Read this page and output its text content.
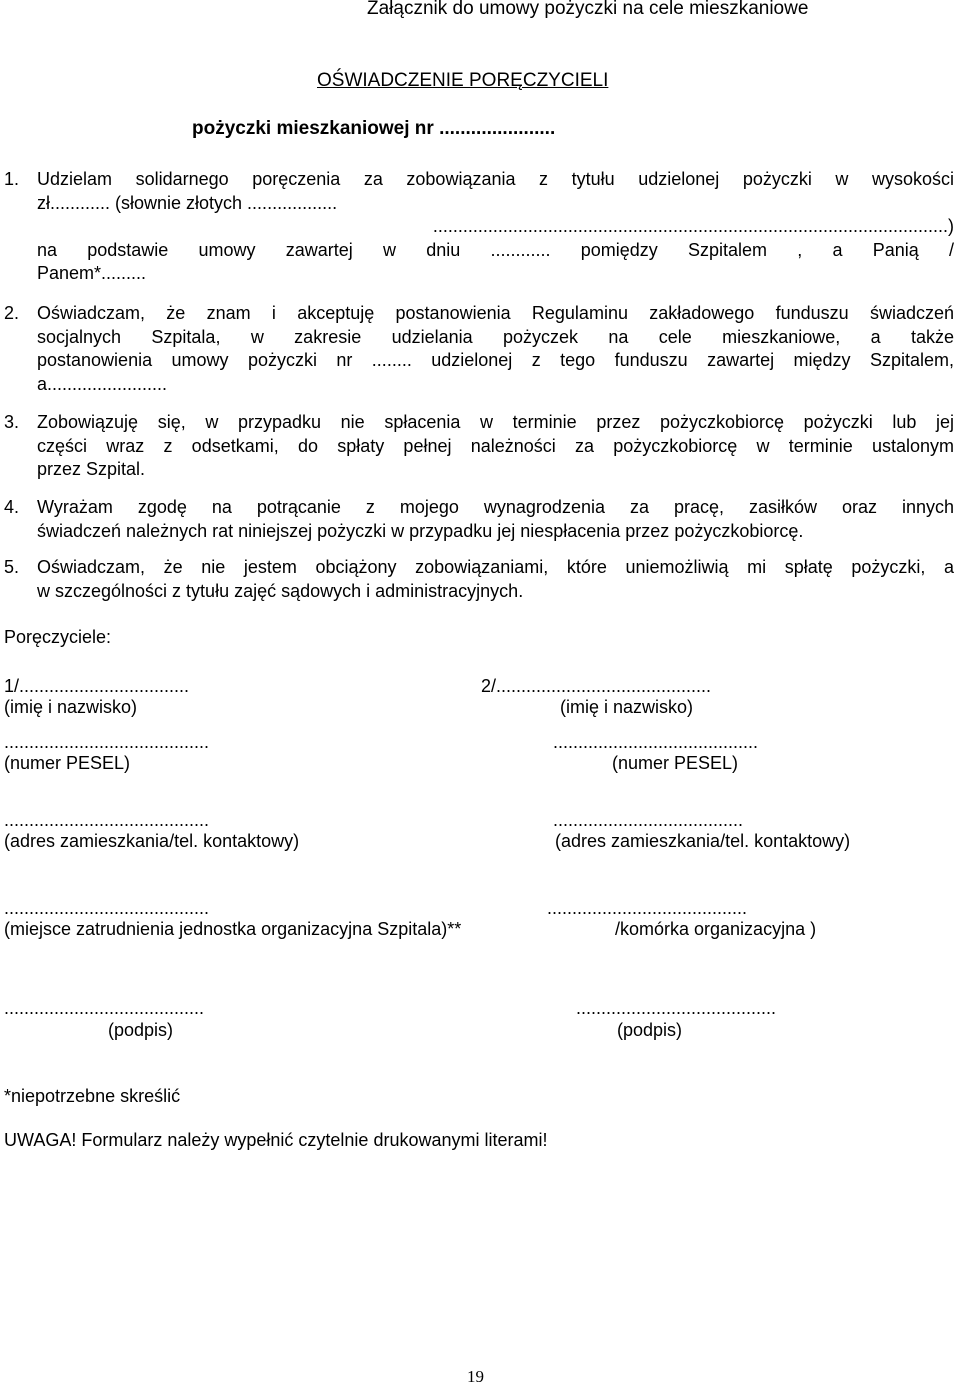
Załącznik do umowy pożyczki na cele mieszkaniowe
OŚWIADCZENIE PORĘCZYCIELI
pożyczki mieszkaniowej nr ......................
1. Udzielam solidarnego poręczenia za zobowiązania z tytułu udzielonej pożyczki w wysokości
zł............ (słownie złotych ..................
.......................................................................................................)
na podstawie umowy zawartej w dniu ............ pomiędzy Szpitalem , a Panią /
Panem*.........
2. Oświadczam, że znam i akceptuję postanowienia Regulaminu zakładowego funduszu świadczeń
socjalnych Szpitala, w zakresie udzielania pożyczek na cele mieszkaniowe, a także
postanowienia umowy pożyczki nr ........ udzielonej z tego funduszu zawartej między Szpitalem,
a........................
3. Zobowiązuję się, w przypadku nie spłacenia w terminie przez pożyczkobiorcę pożyczki lub jej
części wraz z odsetkami, do spłaty pełnej należności za pożyczkobiorcę w terminie ustalonym
przez Szpital.
4. Wyrażam zgodę na potrącanie z mojego wynagrodzenia za pracę, zasiłków oraz innych
świadczeń należnych rat niniejszej pożyczki w przypadku jej niespłacenia przez pożyczkobiorcę.
5. Oświadczam, że nie jestem obciążony zobowiązaniami, które uniemożliwią mi spłatę pożyczki, a
w szczególności z tytułu zajęć sądowych i administracyjnych.
Poręczyciele:
1/..................................	2/...........................................
(imię i nazwisko)	(imię i nazwisko)
.........................................	.........................................
(numer PESEL)	(numer PESEL)
.........................................	......................................
(adres zamieszkania/tel. kontaktowy)	(adres zamieszkania/tel. kontaktowy)
.........................................	........................................
(miejsce zatrudnienia jednostka organizacyjna Szpitala)**	/komórka organizacyjna )
........................................	........................................
(podpis)	(podpis)
*niepotrzebne skreślić
UWAGA! Formularz należy wypełnić czytelnie drukowanymi literami!
19
